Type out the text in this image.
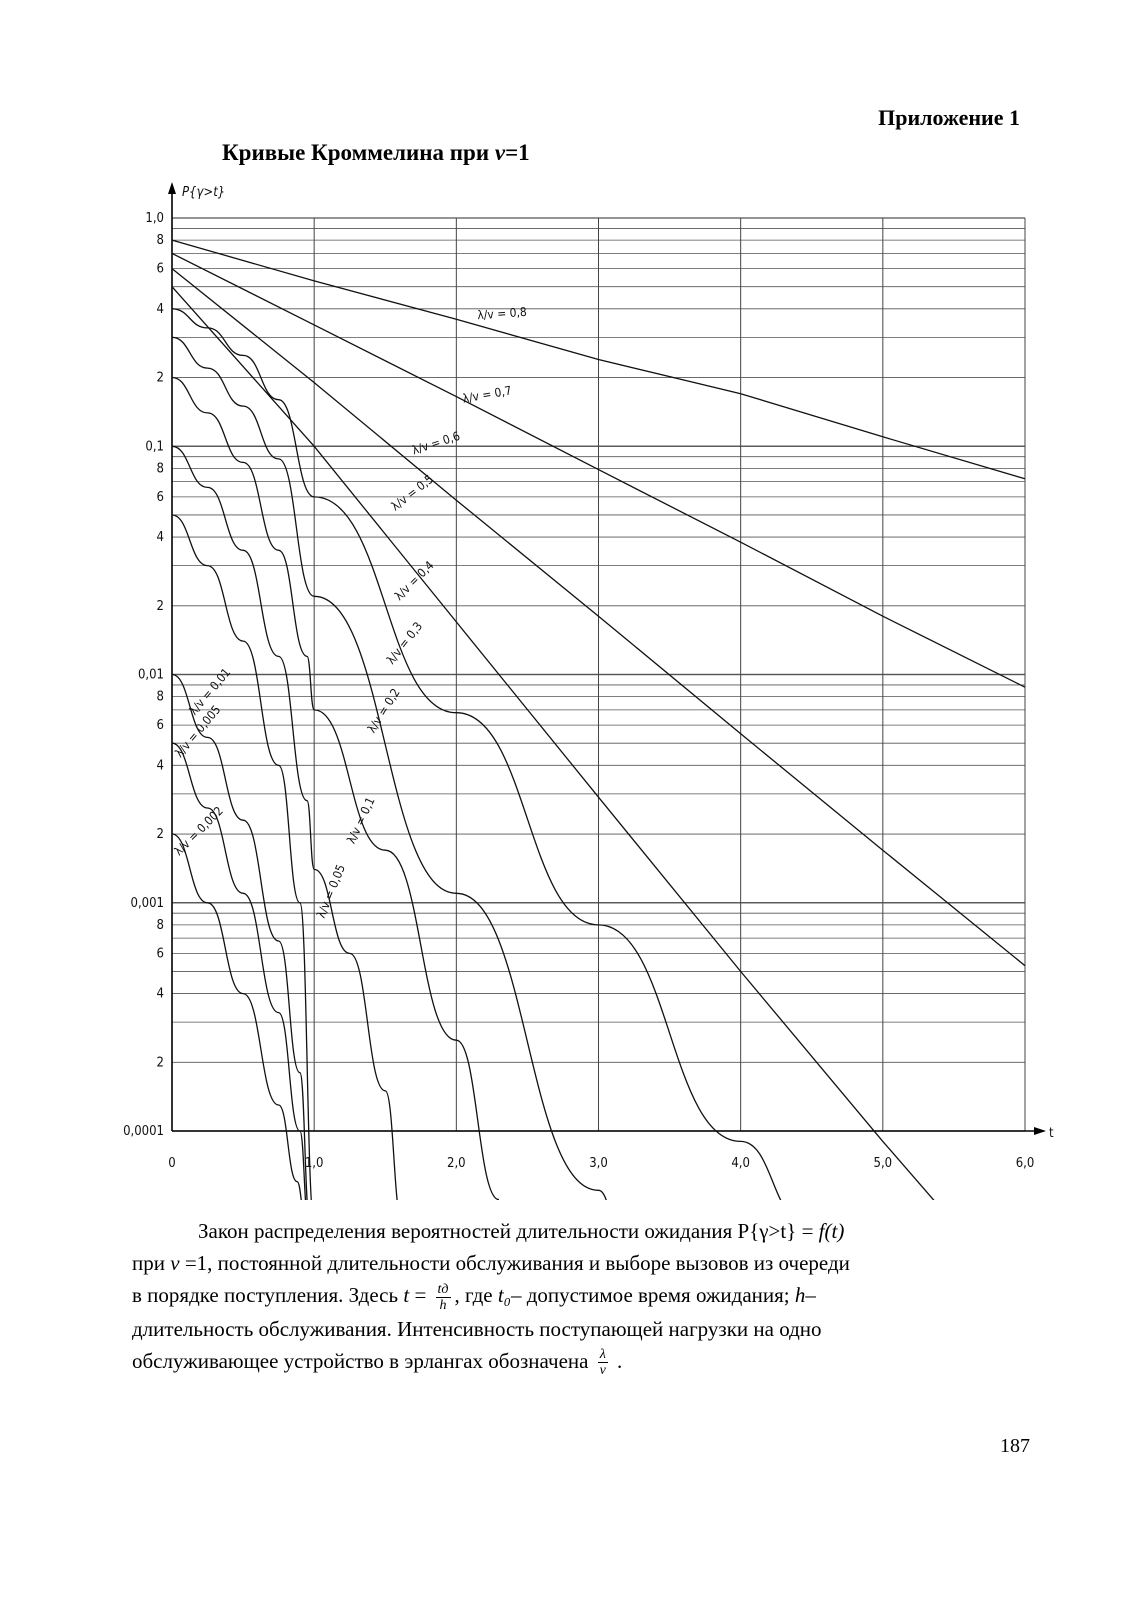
Приложение 1
Кривые Кроммелина при v=1
P{γ>t}
t
1,0
8
6
4
2
0,1
8
6
4
2
0,01
8
6
4
2
0,001
8
6
4
2
0,0001
0	1,0	2,0	3,0	4,0	5,0	6,0
λ/v = 0,8
λ/v = 0,7
λ/v = 0,6
λ/v = 0,5
λ/v = 0,4
λ/v = 0,3
λ/v = 0,2
λ/v = 0,1
λ/v = 0,05
λ/v = 0,01
λ/v = 0,005
λ/v = 0,002

Закон распределения вероятностей длительности ожидания P{γ>t} = f(t)

при v =1, постоянной длительности обслуживания и выборе вызовов из очереди

в порядке поступления. Здесь $t = \frac{tд}{h}$ , где t₀– допустимое время ожидания; h–

длительность обслуживания. Интенсивность поступающей нагрузки на одно

обслуживающее устройство в эрлангах обозначена $\frac{\lambda}{v}$ .

187
